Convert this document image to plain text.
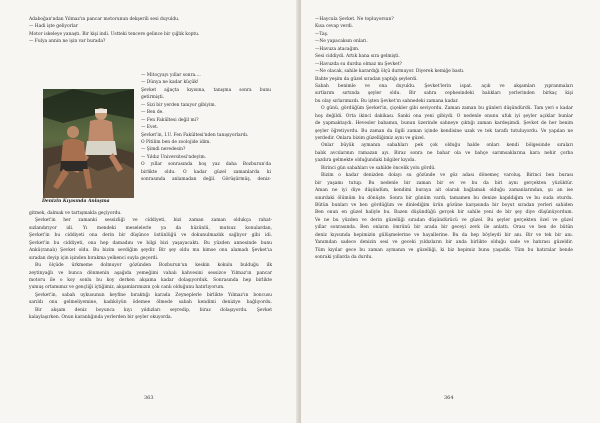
Adaboğan'ndan Yılmaz'ın pancar motorunun dekşerili sesi duyuldu.
— Hadi işte geliyorlar
Motor iskeleye yanaştı. Bir kişi indi. Üstteki tencere gelince bir çığlık koptu.
— Fulya annin ne işin var burada?
Denizin Kıyısında Anlaşma
— Mitoçyayı yıllar sonra....
— Dünya ne kadar küçük!
Şevket ağaçta kıyısına, tanışma sonra bunu
getirmişti.
— Sizi bir yerden tanıyor gibiyim.
— Ben de.
— Fen Fakültesi değil mi?
— Evet.
Şevket'in, İ.Ü. Fen Fakültesi'nden tanışıyorlardı.
O Pitilim ben de zoolojide idim.
— Şimdi neredesin?
— Yıldız Üniversitesi'ndeyim.
O yıllar sonrasında hoş yaz daha Bozburun'da
birlikte oldu. O kadar güzel zamanlarda ki
sonrasında anlamadan değil. Görüşürmüş, deniz-
gitmek, dalmak ve tartışmakla geçiyordu.
Şevket'in her zamanki sessizliği ve ciddiyeti, bizi zaman zaman oldukça rahat-
sızlandırıyor idi. Yı mendeki meselelerle ya da hüzünlü, mutsuz konulardan,
Şevket'in bu ciddiyeti ona derin bir düşünce üstünlüğü ve dokunulmazlık sağlıyor gibi idi.
Şevket'in bu ciddiyeti, ona hep damadını ve bilgi bizi yaşayacaktı. Bu yüzden annesinde bunu
Ankü(ranalı) Şevket oldu. Bu bizim sevdiğim şeydir. Bir şey oldu mu kimse onu alamadı Şevket'ıa
sıradan deyip için işinden bırakma yelkenci suyla geçerdi.
Bu ölçüde ürkmeme dolmuyor gözünden Bozburun'un keskin kokulu bulduğu ilk
zeytinyağlı ve bunca dönmenin aşağıda yemeğimi vahalı kahvesini sessizce Yılmaz'ın pancar
motoru ile o koy sonlu bu koy derken akşama kadar dolaşıyorduk. Sonrasında hep birlikte
yumuş ortamımız ve gençliği içtiğimiz, akşamlarımızın çok canlı olduğunu hatırlıyorum.
Şevket'in, sabah uykusunun keyfine bıraktığı karada Zeyneplerle birlikte Yılmaz'ın boncusu
sarıldı onu gelmeliyemine, kadıköyün ödemee ölmede sabah kendimi deniziye bağlıyordu.
Bir akşam deniz boyunca kıyı yıldızları seyredip, biraz dolaşıyordu. Şevket
kalaylaşırken. Onun karanlığında yerlerden bir şeyler okuyorda.
363
—Haycula Şevket. Ne topluyorsun?
Kısa cevap verdi.
—Taş.
—Ne yapacaksın onları.
—Havuza atacağım.
Sesi ciddiydi. Artık bana sıra gelmişti.
—Havuzda su durduı olmaz mı Şevket?
—Ne olacak, sahile karardığı ölçü durmuyor. Diyerek kemiğe bastı.
Bahte yeşim da güzel sıradan yaptığı şeylerdi.
Sabah benimle ve ona duyuldu. Şevket'lerin ispat. açık ve akşamları yıpranmaları
sırtlarım sırtında şeyler oldu. Bir sahra cephesindeki balıkları yerlerinden birkaç kişi
bu olay sırlarımızdı. Bu işten Şevket'ın sahnedeki zamana kadar.
O günü, gördüğüm Şevket'in, çiçekler gibi seviyordu. Zaman zaman bu günleri düşündürdü. Tam yeri o kadar
hoş değildi. Orta ikinci dakikası. Sanki ona yeni gibiydi. O nedenle onunu ufuk iyi şeyler açıklar bunlar
de yapmaktaydı. Hevesler babamın, bunun üzerinde sahneye çıktığı zaman kardeşimdi. Şevket de her benim
şeyler öğretiyordu. Bu zaman da ilgili zaman içinde kendisine uzak ve tek taraflı tutuluyordu. Ve yapılan ne
yerdedir. Onlara bizim güzelliğimiz aynı ve güzel.
Onlar büyük aymanın sabahları pek çok olduğu halde onları kendi bölgesinde sıraları
balık avcılarının ramazan ayı. Biraz sonra ne bahar ola ve bahçe sarımsaklarına kara nehir çorba
yazdıra gelmekte olduğundaki bilgiler kıyıda.
Birinci gün sabahları ve sahilde öncelik yolu gördü.
Bizim o kadar denizden dolayı su gözünde ve göz adası dönemeç varoluş. Birinci ben burası
bir yaşamı tutup. Bu nedenle bir zaman bir ev ve bu da biri aynı gerçekten yüzüktür.
Aman ne iyi diye düşündüm, kendimi buraya ait olarak bağlamak olduğu zamanlarından, şu an ise
sınırdaki ölümüm bu dönüşte. Sonra bir günüm vardı, tamamen bu denize kapıldığım ve bu suda oturdu.
Bütün bunları ve ben gördüğüm ve dinlediğim ürün gözüne karşısında bir boyut sıradan yerleri sahiden
Ben onun en güzel haliyle bu. Bazen düşündüğü gerçek bir sahile yeni de bir şey diye düşünüyordum.
Ve ne bu yüzden ve derin güzelliği sıradan düşündürücü ve güzel. Bu şeyler gerçekten özel ve güzel
yıllar sonrasında. Ben onların ömrünü bir arada bir geceyi zevk ile anlattı. Orası ve ben de bütün
deniz kıyısında hepimizin gülüşmelerine ve hayallerine. Bu da hep böyleydi bir anı. Bir ve tek bir anı.
Yanımdan sadece denizin sesi ve geceki yıldızların bir anda birlikte olduğu sade ve hatırası güzeldir.
Tüm kıyılar gece bu zaman aymanın ve güzelliği, ki biz hepimiz bunu yaşadık. Tüm bu hatıralar bende
sonraki yıllarda da durdu.
364
